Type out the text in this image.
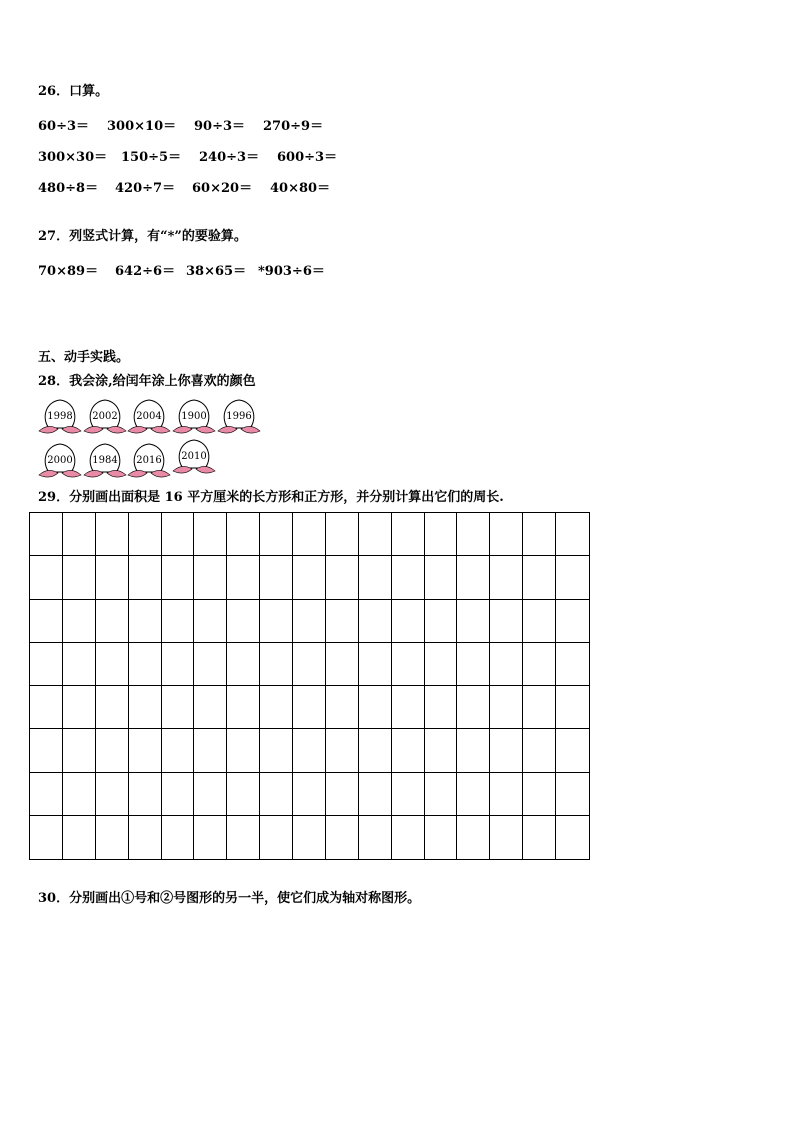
26．口算。
60÷3＝ 300×10＝ 90÷3＝ 270÷9＝
300×30＝ 150÷5＝ 240÷3＝ 600÷3＝
480÷8＝ 420÷7＝ 60×20＝ 40×80＝
27．列竖式计算，有“*”的要验算。
70×89＝ 642÷6＝ 38×65＝ *903÷6＝
五、动手实践。
28．我会涂,给闰年涂上你喜欢的颜色
1998 2002 2004 1900 1996
2000 1984 2016 2010
29．分别画出面积是 16 平方厘米的长方形和正方形，并分别计算出它们的周长.
30．分别画出①号和②号图形的另一半，使它们成为轴对称图形。
